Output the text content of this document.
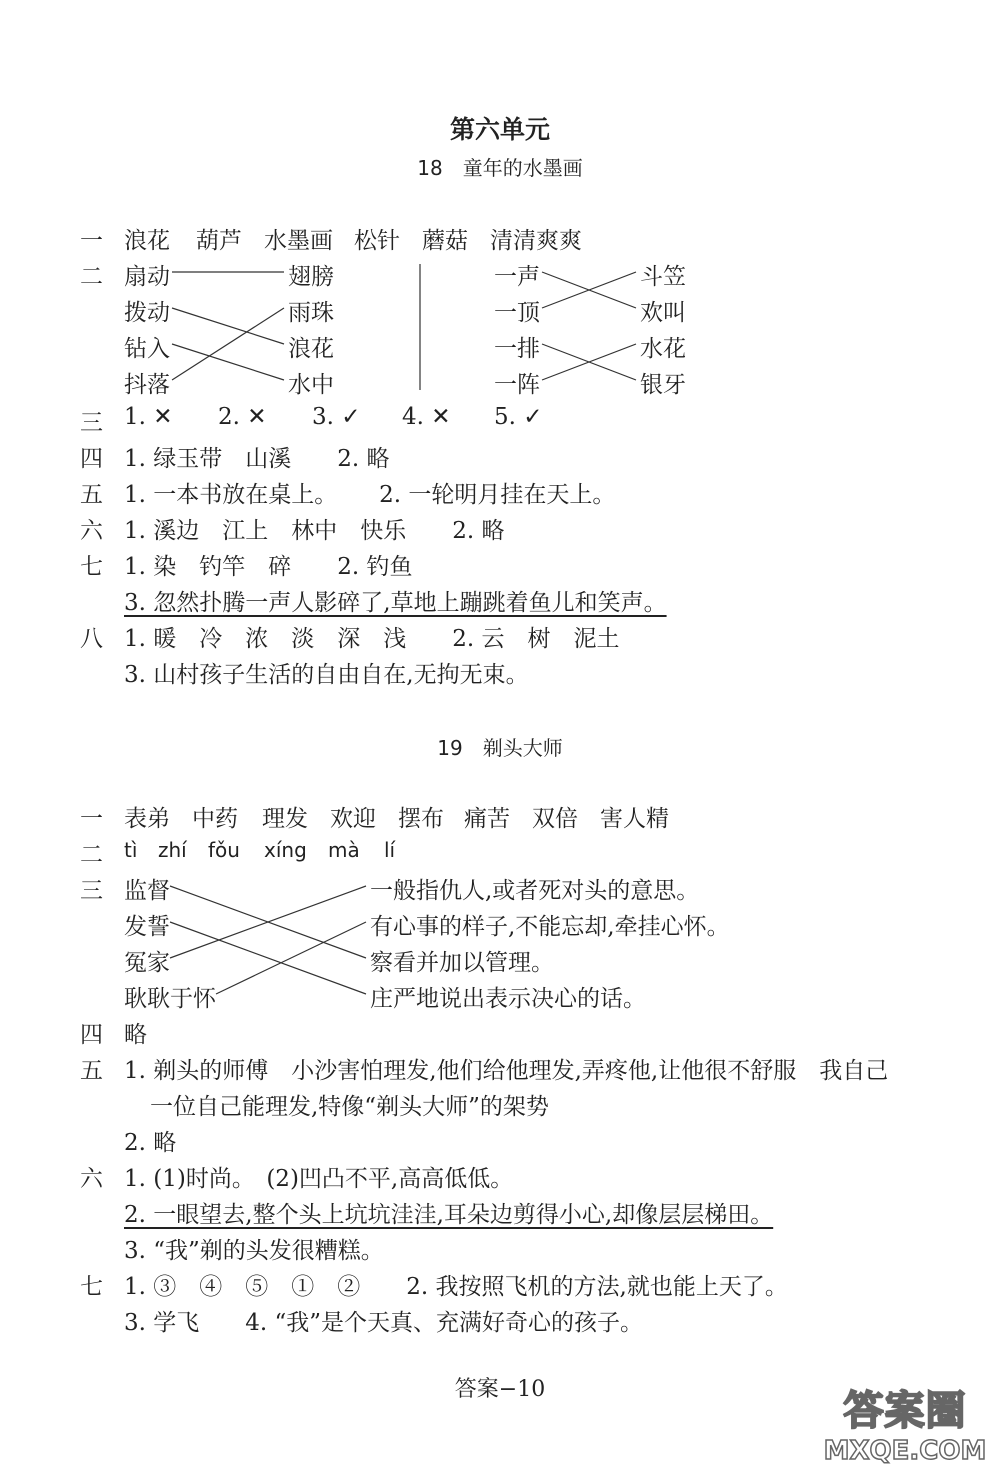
第六单元
18　童年的水墨画
一 浪花 葫芦 水墨画 松针 蘑菇 清清爽爽
二 扇动
拨动
钻入
抖落
翅膀
雨珠
浪花
水中
一声
一顶
一排
一阵
斗笠
欢叫
水花
银牙
三 1. ✕ 2. ✕ 3. ✓ 4. ✕ 5. ✓
四 1. 绿玉带　山溪　　2. 略
五 1. 一本书放在桌上。　　 2. 一轮明月挂在天上。
六 1. 溪边　江上　林中　快乐　　2. 略
七 1. 染　钓竿　碎　　2. 钓鱼
3. 忽然扑腾一声人影碎了,草地上蹦跳着鱼儿和笑声。
八 1. 暖　冷　浓　淡　深　浅　　2. 云　树　泥土
3. 山村孩子生活的自由自在,无拘无束。
19　剃头大师
一 表弟 中药 理发 欢迎 摆布 痛苦 双倍 害人精
二 tì zhí fǒu xíng mà lí
三 监督
发誓
冤家
耿耿于怀
一般指仇人,或者死对头的意思。
有心事的样子,不能忘却,牵挂心怀。
察看并加以管理。
庄严地说出表示决心的话。
四 略
五 1. 剃头的师傅　小沙害怕理发,他们给他理发,弄疼他,让他很不舒服　我自己
一位自己能理发,特像“剃头大师”的架势
2. 略
六 1. (1)时尚。　(2)凹凸不平,高高低低。
2. 一眼望去,整个头上坑坑洼洼,耳朵边剪得小心,却像层层梯田。
3. “我”剃的头发很糟糕。
七 1. ③　④　⑤　①　②　　2. 我按照飞机的方法,就也能上天了。
3. 学飞　　4. “我”是个天真、充满好奇心的孩子。
答案−10	答案圈
MXQE.COM
